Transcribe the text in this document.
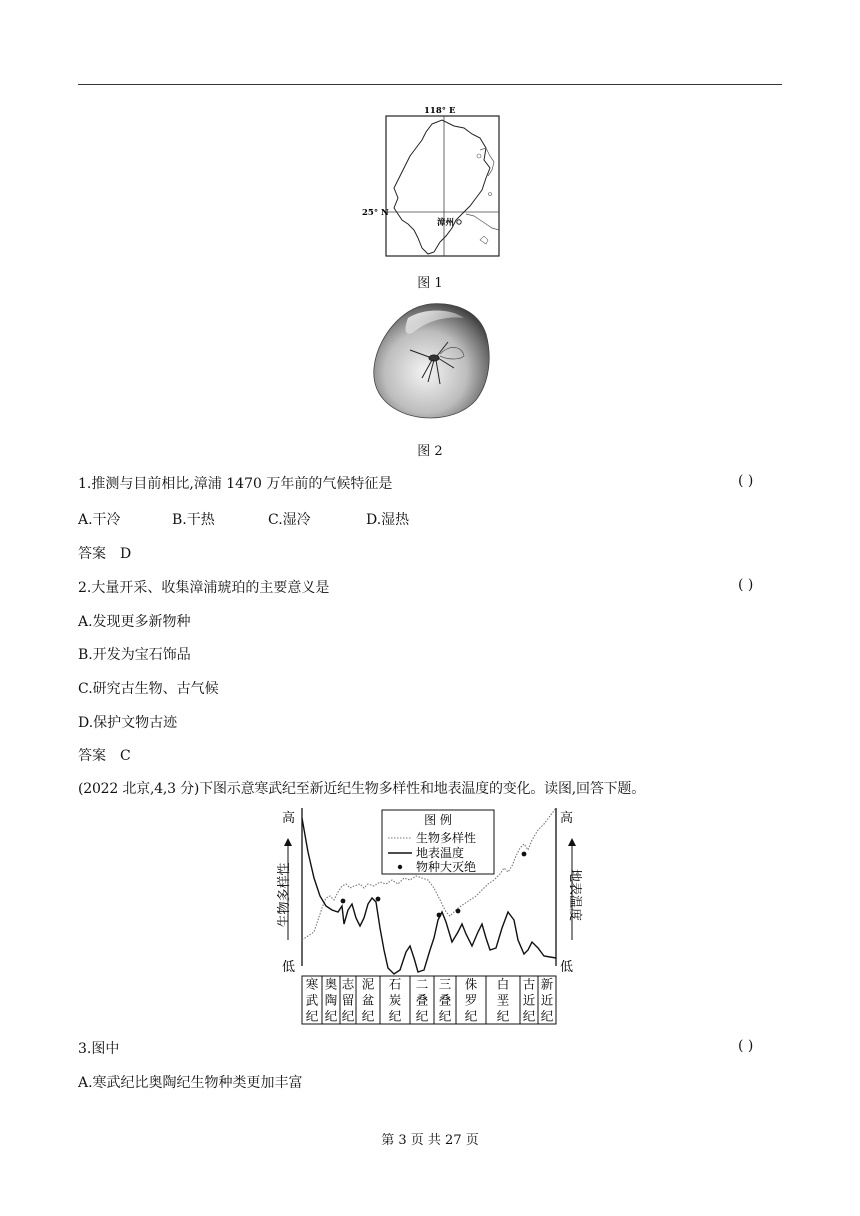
118° E
25° N
漳州
图 1
图 2
1.推测与目前相比,漳浦 1470 万年前的气候特征是	( )
A.干冷	B.干热	C.湿冷	D.湿热
答案 D
2.大量开采、收集漳浦琥珀的主要意义是	( )
A.发现更多新物种
B.开发为宝石饰品
C.研究古生物、古气候
D.保护文物古迹
答案 C
(2022 北京,4,3 分)下图示意寒武纪至新近纪生物多样性和地表温度的变化。读图,回答下题。
高
低
高
低
生物多样性	地表温度
图 例
生物多样性
地表温度
物种大灭绝
寒
武
纪
奥
陶
纪
志
留
纪
泥
盆
纪
石
炭
纪
二
叠
纪
三
叠
纪
侏
罗
纪
白
垩
纪
古
近
纪
新
近
纪
3.图中	( )
A.寒武纪比奥陶纪生物种类更加丰富
第 3 页 共 27 页
